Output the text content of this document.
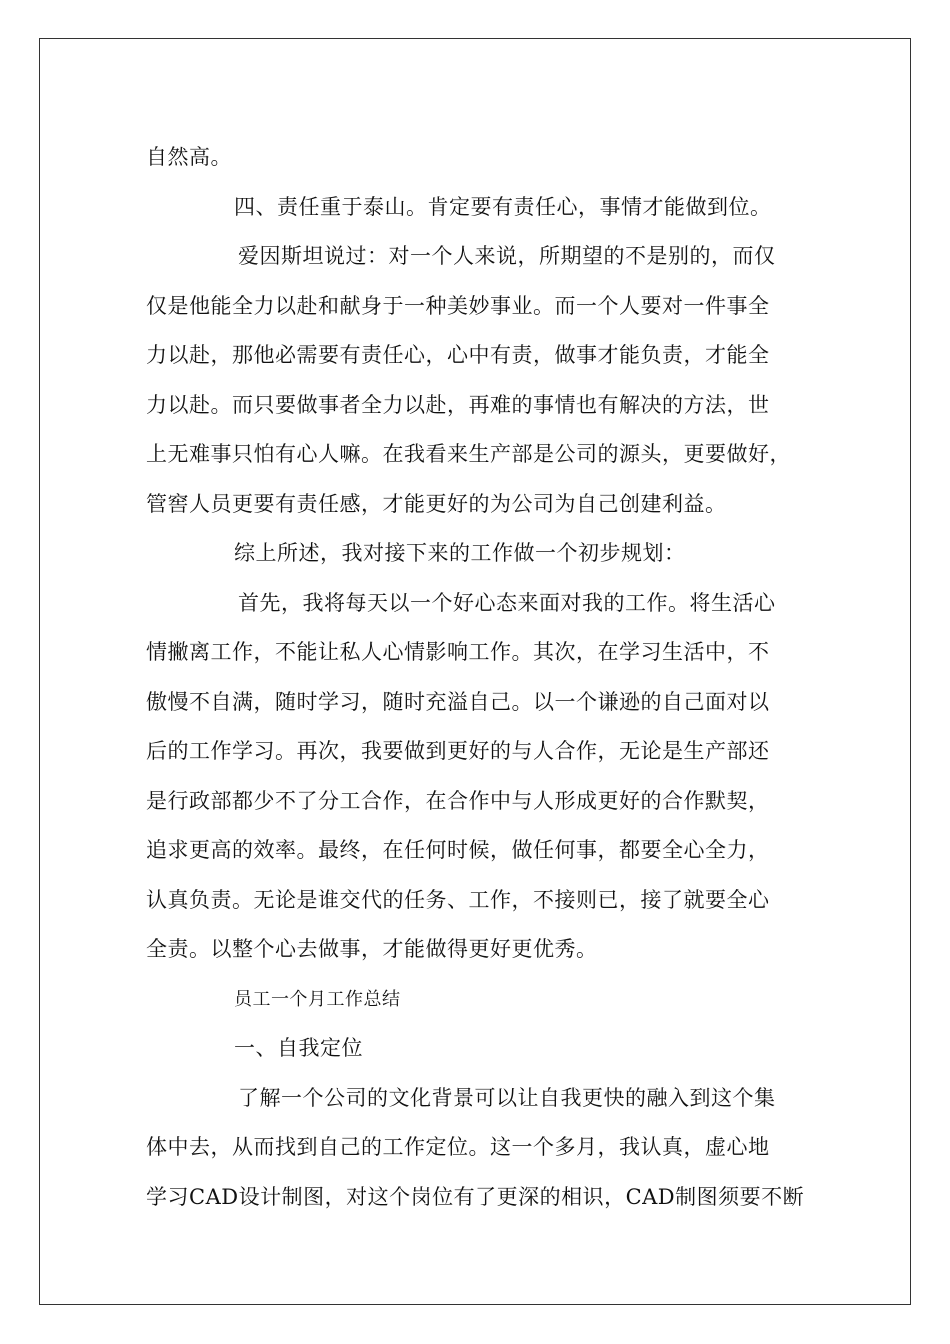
自然高。
四、责任重于泰山。肯定要有责任心，事情才能做到位。
爱因斯坦说过：对一个人来说，所期望的不是别的，而仅
仅是他能全力以赴和献身于一种美妙事业。而一个人要对一件事全
力以赴，那他必需要有责任心，心中有责，做事才能负责，才能全
力以赴。而只要做事者全力以赴，再难的事情也有解决的方法，世
上无难事只怕有心人嘛。在我看来生产部是公司的源头，更要做好，
管窖人员更要有责任感，才能更好的为公司为自己创建利益。
综上所述，我对接下来的工作做一个初步规划：
首先，我将每天以一个好心态来面对我的工作。将生活心
情撇离工作，不能让私人心情影响工作。其次，在学习生活中，不
傲慢不自满，随时学习，随时充溢自己。以一个谦逊的自己面对以
后的工作学习。再次，我要做到更好的与人合作，无论是生产部还
是行政部都少不了分工合作，在合作中与人形成更好的合作默契，
追求更高的效率。最终，在任何时候，做任何事，都要全心全力，
认真负责。无论是谁交代的任务、工作，不接则已，接了就要全心
全责。以整个心去做事，才能做得更好更优秀。
员工一个月工作总结
一、自我定位
了解一个公司的文化背景可以让自我更快的融入到这个集
体中去，从而找到自己的工作定位。这一个多月，我认真，虚心地
学习CAD设计制图，对这个岗位有了更深的相识，CAD制图须要不断
